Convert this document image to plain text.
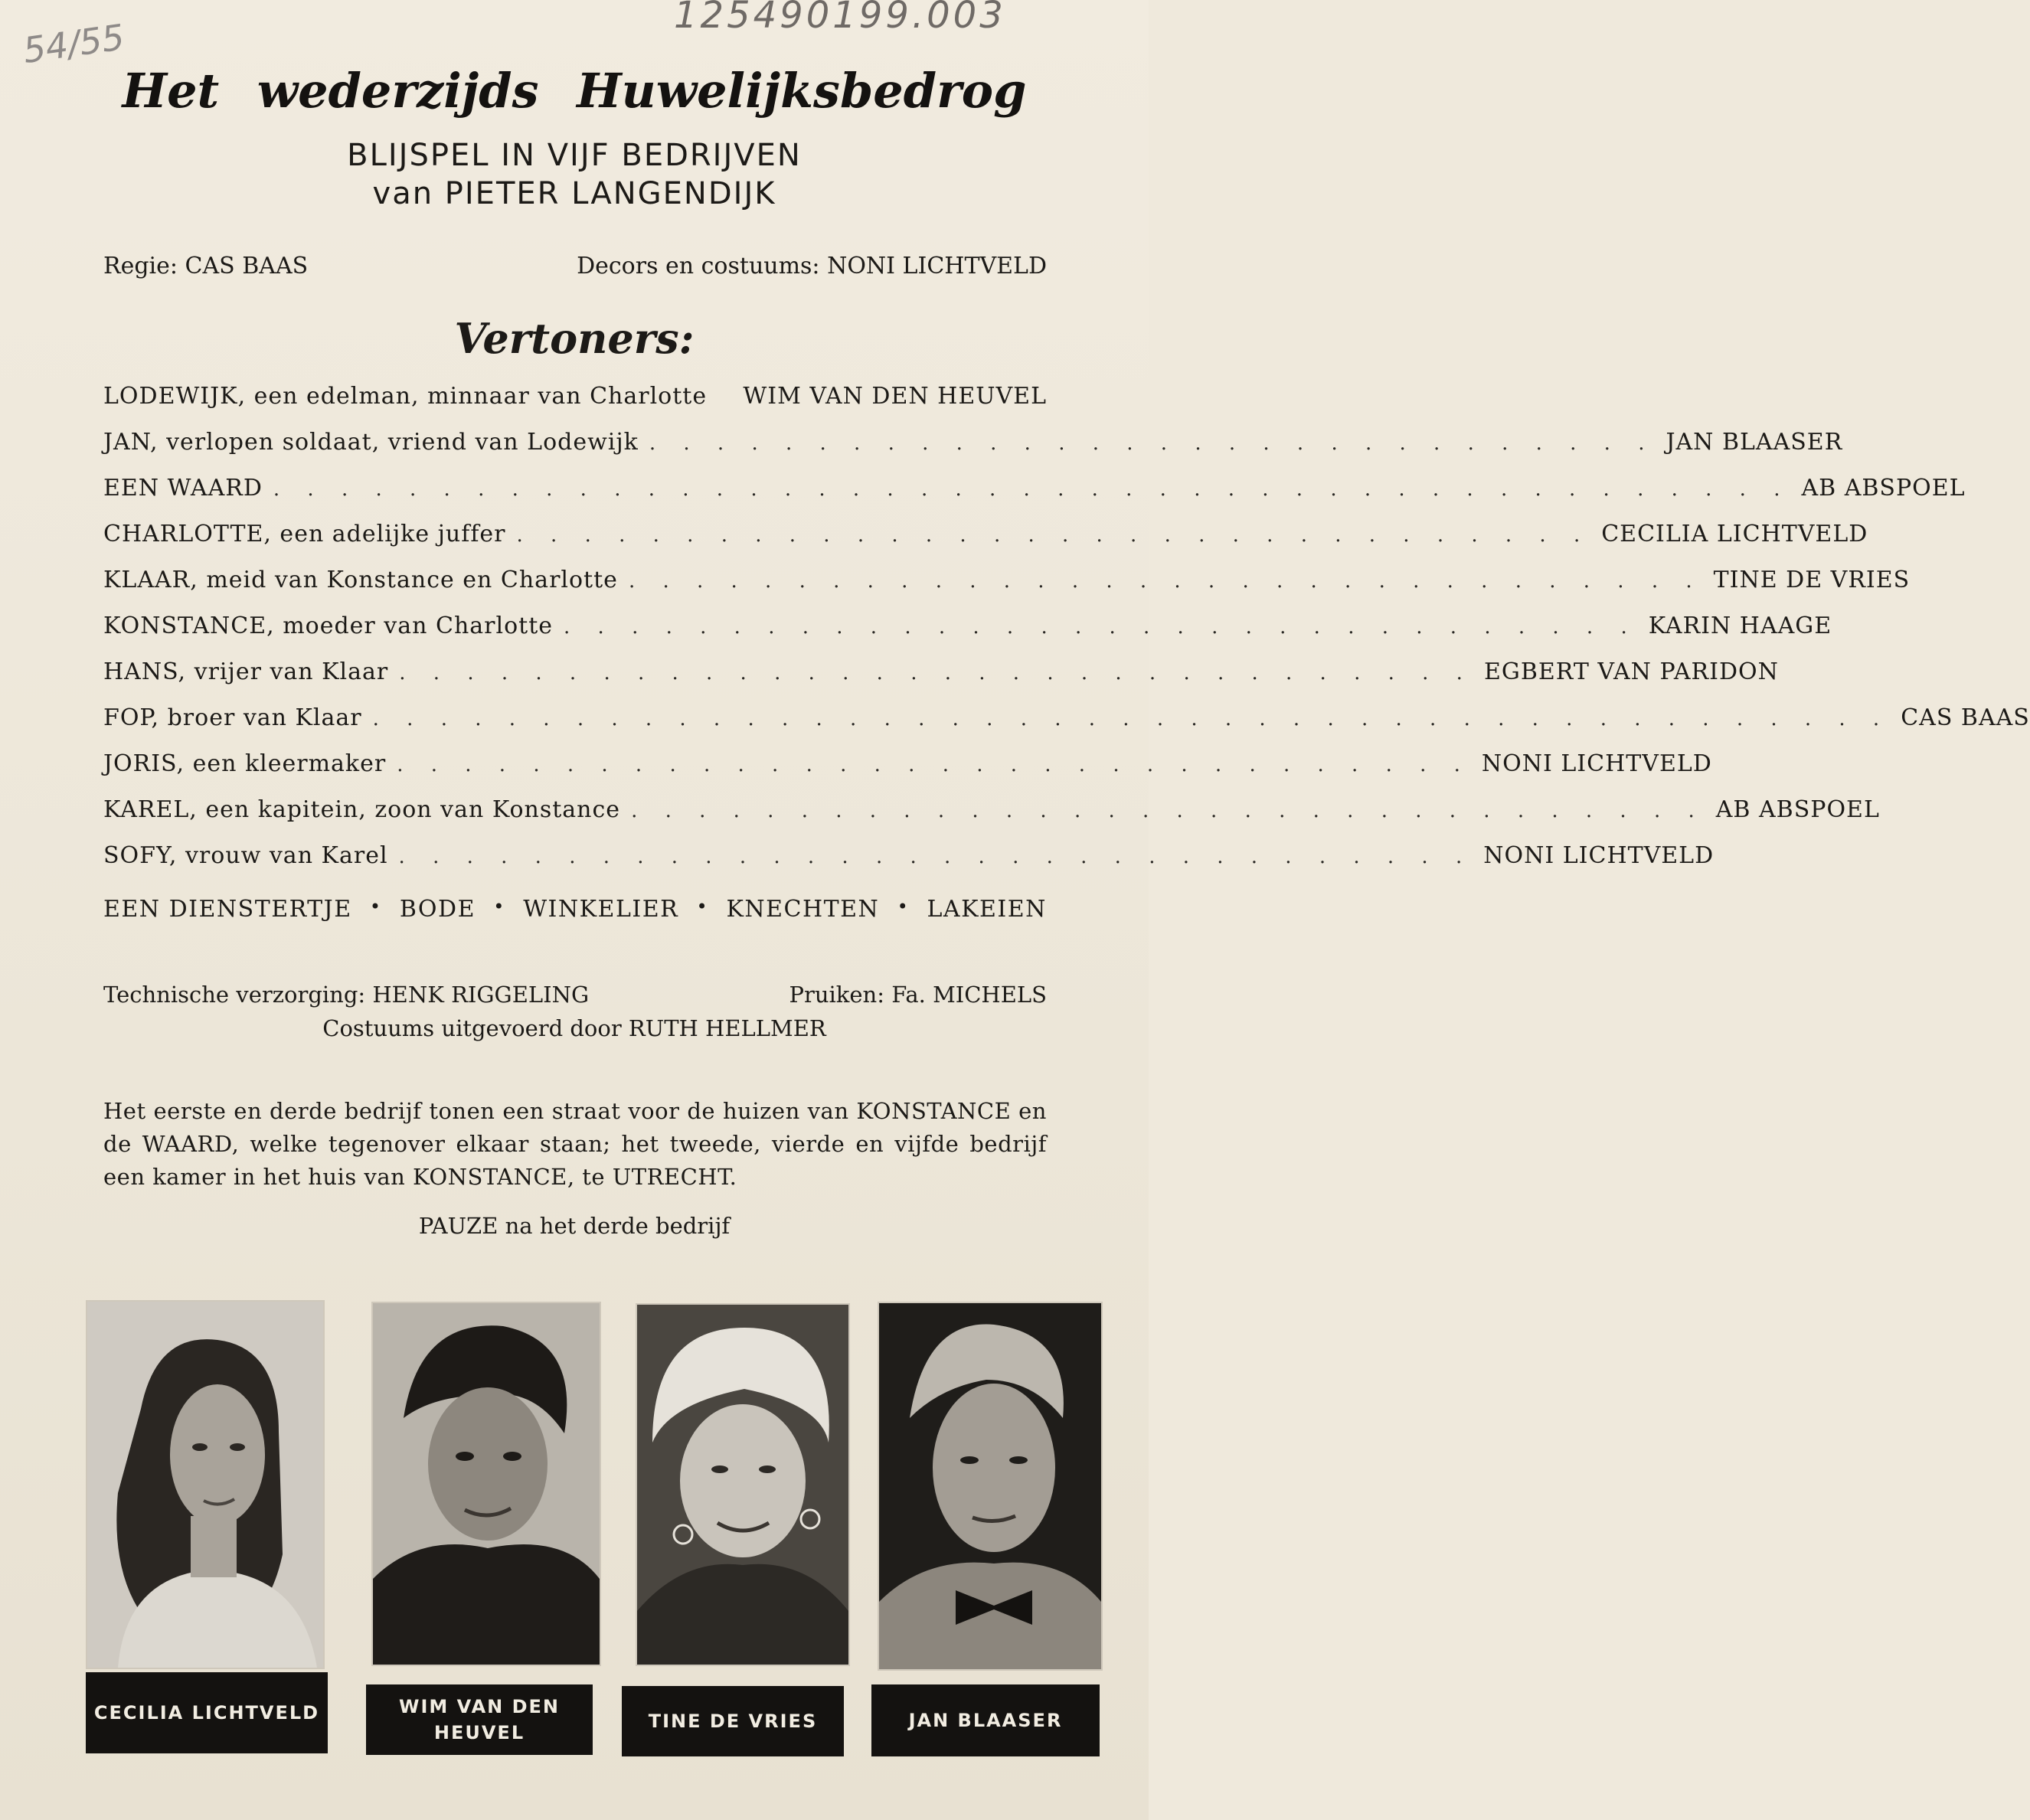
125490199.003
54/55
Het wederzijds Huwelijksbedrog
BLIJSPEL IN VIJF BEDRIJVEN
van PIETER LANGENDIJK
Regie: CAS BAAS	Decors en costuums: NONI LICHTVELD
Vertoners:
LODEWIJK, een edelman, minnaar van Charlotte WIM VAN DEN HEUVEL
JAN, verlopen soldaat, vriend van Lodewijk . . . . . . . . . . . . . . . . . . . . . . . . . . . . . . JAN BLAASER
EEN WAARD . . . . . . . . . . . . . . . . . . . . . . . . . . . . . . . . . . . . . . . . . . . . . AB ABSPOEL
CHARLOTTE, een adelijke juffer . . . . . . . . . . . . . . . . . . . . . . . . . . . . . . . . CECILIA LICHTVELD
KLAAR, meid van Konstance en Charlotte . . . . . . . . . . . . . . . . . . . . . . . . . . . . . . . . TINE DE VRIES
KONSTANCE, moeder van Charlotte . . . . . . . . . . . . . . . . . . . . . . . . . . . . . . . . KARIN HAAGE
HANS, vrijer van Klaar . . . . . . . . . . . . . . . . . . . . . . . . . . . . . . . . EGBERT VAN PARIDON
FOP, broer van Klaar . . . . . . . . . . . . . . . . . . . . . . . . . . . . . . . . . . . . . . . . . . . . . CAS BAAS
JORIS, een kleermaker . . . . . . . . . . . . . . . . . . . . . . . . . . . . . . . . NONI LICHTVELD
KAREL, een kapitein, zoon van Konstance . . . . . . . . . . . . . . . . . . . . . . . . . . . . . . . . AB ABSPOEL
SOFY, vrouw van Karel . . . . . . . . . . . . . . . . . . . . . . . . . . . . . . . . NONI LICHTVELD
EEN DIENSTERTJE • BODE • WINKELIER • KNECHTEN • LAKEIEN
Technische verzorging: HENK RIGGELING	Pruiken: Fa. MICHELS
Costuums uitgevoerd door RUTH HELLMER
Het eerste en derde bedrijf tonen een straat voor de huizen van KONSTANCE en de WAARD, welke tegenover elkaar staan; het tweede, vierde en vijfde bedrijf een kamer in het huis van KONSTANCE, te UTRECHT.
PAUZE na het derde bedrijf
CECILIA LICHTVELD	WIM VAN DEN HEUVEL
TINE DE VRIES	JAN BLAASER
